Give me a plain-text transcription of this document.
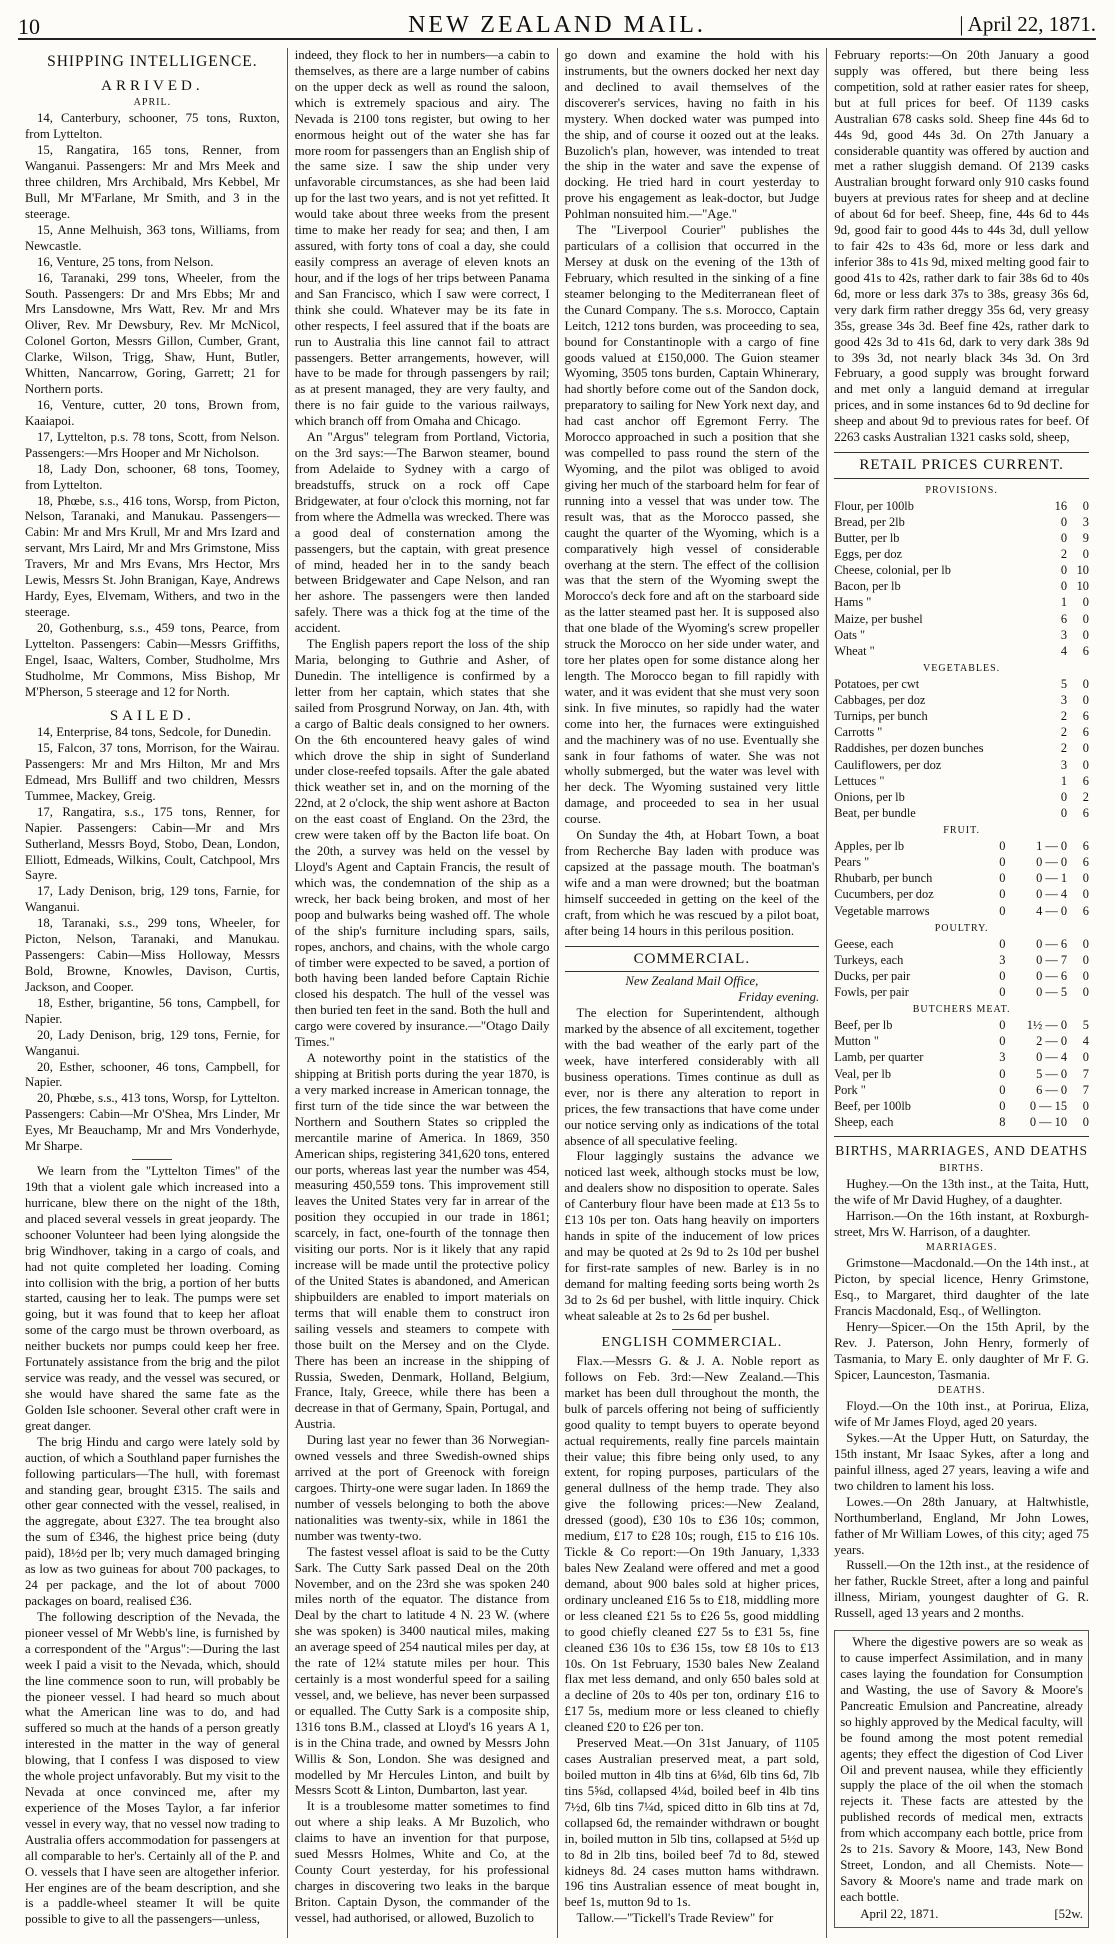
10	NEW ZEALAND MAIL.	| April 22, 1871.
SHIPPING INTELLIGENCE.
ARRIVED.
APRIL.

14, Canterbury, schooner, 75 tons, Ruxton, from Lyttelton.

15, Rangatira, 165 tons, Renner, from Wanganui. Passengers: Mr and Mrs Meek and three children, Mrs Archibald, Mrs Kebbel, Mr Bull, Mr M'Farlane, Mr Smith, and 3 in the steerage.

15, Anne Melhuish, 363 tons, Williams, from Newcastle.

16, Venture, 25 tons, from Nelson.

16, Taranaki, 299 tons, Wheeler, from the South. Passengers: Dr and Mrs Ebbs; Mr and Mrs Lansdowne, Mrs Watt, Rev. Mr and Mrs Oliver, Rev. Mr Dewsbury, Rev. Mr McNicol, Colonel Gorton, Messrs Gillon, Cumber, Grant, Clarke, Wilson, Trigg, Shaw, Hunt, Butler, Whitten, Nancarrow, Goring, Garrett; 21 for Northern ports.

16, Venture, cutter, 20 tons, Brown from, Kaaiapoi.

17, Lyttelton, p.s. 78 tons, Scott, from Nelson. Passengers:—Mrs Hooper and Mr Nicholson.

18, Lady Don, schooner, 68 tons, Toomey, from Lyttelton.

18, Phœbe, s.s., 416 tons, Worsp, from Picton, Nelson, Taranaki, and Manukau. Passengers—Cabin: Mr and Mrs Krull, Mr and Mrs Izard and servant, Mrs Laird, Mr and Mrs Grimstone, Miss Travers, Mr and Mrs Evans, Mrs Hector, Mrs Lewis, Messrs St. John Branigan, Kaye, Andrews Hardy, Eyes, Elvemam, Withers, and two in the steerage.

20, Gothenburg, s.s., 459 tons, Pearce, from Lyttelton. Passengers: Cabin—Messrs Griffiths, Engel, Isaac, Walters, Comber, Studholme, Mrs Studholme, Mr Commons, Miss Bishop, Mr M'Pherson, 5 steerage and 12 for North.

SAILED.

14, Enterprise, 84 tons, Sedcole, for Dunedin.

15, Falcon, 37 tons, Morrison, for the Wairau. Passengers: Mr and Mrs Hilton, Mr and Mrs Edmead, Mrs Bulliff and two children, Messrs Tummee, Mackey, Greig.

17, Rangatira, s.s., 175 tons, Renner, for Napier. Passengers: Cabin—Mr and Mrs Sutherland, Messrs Boyd, Stobo, Dean, London, Elliott, Edmeads, Wilkins, Coult, Catchpool, Mrs Sayre.

17, Lady Denison, brig, 129 tons, Farnie, for Wanganui.

18, Taranaki, s.s., 299 tons, Wheeler, for Picton, Nelson, Taranaki, and Manukau. Passengers: Cabin—Miss Holloway, Messrs Bold, Browne, Knowles, Davison, Curtis, Jackson, and Cooper.

18, Esther, brigantine, 56 tons, Campbell, for Napier.

20, Lady Denison, brig, 129 tons, Fernie, for Wanganui.

20, Esther, schooner, 46 tons, Campbell, for Napier.

20, Phœbe, s.s., 413 tons, Worsp, for Lyttelton. Passengers: Cabin—Mr O'Shea, Mrs Linder, Mr Eyes, Mr Beauchamp, Mr and Mrs Vonderhyde, Mr Sharpe.

We learn from the "Lyttelton Times" of the 19th that a violent gale which increased into a hurricane, blew there on the night of the 18th, and placed several vessels in great jeopardy. The schooner Volunteer had been lying alongside the brig Windhover, taking in a cargo of coals, and had not quite completed her loading. Coming into collision with the brig, a portion of her butts started, causing her to leak. The pumps were set going, but it was found that to keep her afloat some of the cargo must be thrown overboard, as neither buckets nor pumps could keep her free. Fortunately assistance from the brig and the pilot service was ready, and the vessel was secured, or she would have shared the same fate as the Golden Isle schooner. Several other craft were in great danger.

The brig Hindu and cargo were lately sold by auction, of which a Southland paper furnishes the following particulars—The hull, with foremast and standing gear, brought £315. The sails and other gear connected with the vessel, realised, in the aggregate, about £327. The tea brought also the sum of £346, the highest price being (duty paid), 18½d per lb; very much damaged bringing as low as two guineas for about 700 packages, to 24 per package, and the lot of about 7000 packages on board, realised £36.

The following description of the Nevada, the pioneer vessel of Mr Webb's line, is furnished by a correspondent of the "Argus":—During the last week I paid a visit to the Nevada, which, should the line commence soon to run, will probably be the pioneer vessel. I had heard so much about what the American line was to do, and had suffered so much at the hands of a person greatly interested in the matter in the way of general blowing, that I confess I was disposed to view the whole project unfavorably. But my visit to the Nevada at once convinced me, after my experience of the Moses Taylor, a far inferior vessel in every way, that no vessel now trading to Australia offers accommodation for passengers at all comparable to her's. Certainly all of the P. and O. vessels that I have seen are altogether inferior. Her engines are of the beam description, and she is a paddle-wheel steamer It will be quite possible to give to all the passengers—unless,

indeed, they flock to her in numbers—a cabin to themselves, as there are a large number of cabins on the upper deck as well as round the saloon, which is extremely spacious and airy. The Nevada is 2100 tons register, but owing to her enormous height out of the water she has far more room for passengers than an English ship of the same size. I saw the ship under very unfavorable circumstances, as she had been laid up for the last two years, and is not yet refitted. It would take about three weeks from the present time to make her ready for sea; and then, I am assured, with forty tons of coal a day, she could easily compress an average of eleven knots an hour, and if the logs of her trips between Panama and San Francisco, which I saw were correct, I think she could. Whatever may be its fate in other respects, I feel assured that if the boats are run to Australia this line cannot fail to attract passengers. Better arrangements, however, will have to be made for through passengers by rail; as at present managed, they are very faulty, and there is no fair guide to the various railways, which branch off from Omaha and Chicago.

An "Argus" telegram from Portland, Victoria, on the 3rd says:—The Barwon steamer, bound from Adelaide to Sydney with a cargo of breadstuffs, struck on a rock off Cape Bridgewater, at four o'clock this morning, not far from where the Admella was wrecked. There was a good deal of consternation among the passengers, but the captain, with great presence of mind, headed her in to the sandy beach between Bridgewater and Cape Nelson, and ran her ashore. The passengers were then landed safely. There was a thick fog at the time of the accident.

The English papers report the loss of the ship Maria, belonging to Guthrie and Asher, of Dunedin. The intelligence is confirmed by a letter from her captain, which states that she sailed from Prosgrund Norway, on Jan. 4th, with a cargo of Baltic deals consigned to her owners. On the 6th encountered heavy gales of wind which drove the ship in sight of Sunderland under close-reefed topsails. After the gale abated thick weather set in, and on the morning of the 22nd, at 2 o'clock, the ship went ashore at Bacton on the east coast of England. On the 23rd, the crew were taken off by the Bacton life boat. On the 20th, a survey was held on the vessel by Lloyd's Agent and Captain Francis, the result of which was, the condemnation of the ship as a wreck, her back being broken, and most of her poop and bulwarks being washed off. The whole of the ship's furniture including spars, sails, ropes, anchors, and chains, with the whole cargo of timber were expected to be saved, a portion of both having been landed before Captain Richie closed his despatch. The hull of the vessel was then buried ten feet in the sand. Both the hull and cargo were covered by insurance.—"Otago Daily Times."

A noteworthy point in the statistics of the shipping at British ports during the year 1870, is a very marked increase in American tonnage, the first turn of the tide since the war between the Northern and Southern States so crippled the mercantile marine of America. In 1869, 350 American ships, registering 341,620 tons, entered our ports, whereas last year the number was 454, measuring 450,559 tons. This improvement still leaves the United States very far in arrear of the position they occupied in our trade in 1861; scarcely, in fact, one-fourth of the tonnage then visiting our ports. Nor is it likely that any rapid increase will be made until the protective policy of the United States is abandoned, and American shipbuilders are enabled to import materials on terms that will enable them to construct iron sailing vessels and steamers to compete with those built on the Mersey and on the Clyde. There has been an increase in the shipping of Russia, Sweden, Denmark, Holland, Belgium, France, Italy, Greece, while there has been a decrease in that of Germany, Spain, Portugal, and Austria.

During last year no fewer than 36 Norwegian-owned vessels and three Swedish-owned ships arrived at the port of Greenock with foreign cargoes. Thirty-one were sugar laden. In 1869 the number of vessels belonging to both the above nationalities was twenty-six, while in 1861 the number was twenty-two.

The fastest vessel afloat is said to be the Cutty Sark. The Cutty Sark passed Deal on the 20th November, and on the 23rd she was spoken 240 miles north of the equator. The distance from Deal by the chart to latitude 4 N. 23 W. (where she was spoken) is 3400 nautical miles, making an average speed of 254 nautical miles per day, at the rate of 12¼ statute miles per hour. This certainly is a most wonderful speed for a sailing vessel, and, we believe, has never been surpassed or equalled. The Cutty Sark is a composite ship, 1316 tons B.M., classed at Lloyd's 16 years A 1, is in the China trade, and owned by Messrs John Willis & Son, London. She was designed and modelled by Mr Hercules Linton, and built by Messrs Scott & Linton, Dumbarton, last year.

It is a troublesome matter sometimes to find out where a ship leaks. A Mr Buzolich, who claims to have an invention for that purpose, sued Messrs Holmes, White and Co, at the County Court yesterday, for his professional charges in discovering two leaks in the barque Briton. Captain Dyson, the commander of the vessel, had authorised, or allowed, Buzolich to

go down and examine the hold with his instruments, but the owners docked her next day and declined to avail themselves of the discoverer's services, having no faith in his mystery. When docked water was pumped into the ship, and of course it oozed out at the leaks. Buzolich's plan, however, was intended to treat the ship in the water and save the expense of docking. He tried hard in court yesterday to prove his engagement as leak-doctor, but Judge Pohlman nonsuited him.—"Age."

The "Liverpool Courier" publishes the particulars of a collision that occurred in the Mersey at dusk on the evening of the 13th of February, which resulted in the sinking of a fine steamer belonging to the Mediterranean fleet of the Cunard Company. The s.s. Morocco, Captain Leitch, 1212 tons burden, was proceeding to sea, bound for Constantinople with a cargo of fine goods valued at £150,000. The Guion steamer Wyoming, 3505 tons burden, Captain Whinerary, had shortly before come out of the Sandon dock, preparatory to sailing for New York next day, and had cast anchor off Egremont Ferry. The Morocco approached in such a position that she was compelled to pass round the stern of the Wyoming, and the pilot was obliged to avoid giving her much of the starboard helm for fear of running into a vessel that was under tow. The result was, that as the Morocco passed, she caught the quarter of the Wyoming, which is a comparatively high vessel of considerable overhang at the stern. The effect of the collision was that the stern of the Wyoming swept the Morocco's deck fore and aft on the starboard side as the latter steamed past her. It is supposed also that one blade of the Wyoming's screw propeller struck the Morocco on her side under water, and tore her plates open for some distance along her length. The Morocco began to fill rapidly with water, and it was evident that she must very soon sink. In five minutes, so rapidly had the water come into her, the furnaces were extinguished and the machinery was of no use. Eventually she sank in four fathoms of water. She was not wholly submerged, but the water was level with her deck. The Wyoming sustained very little damage, and proceeded to sea in her usual course.

On Sunday the 4th, at Hobart Town, a boat from Recherche Bay laden with produce was capsized at the passage mouth. The boatman's wife and a man were drowned; but the boatman himself succeeded in getting on the keel of the craft, from which he was rescued by a pilot boat, after being 14 hours in this perilous position.

COMMERCIAL.
New Zealand Mail Office,
Friday evening.

The election for Superintendent, although marked by the absence of all excitement, together with the bad weather of the early part of the week, have interfered considerably with all business operations. Times continue as dull as ever, nor is there any alteration to report in prices, the few transactions that have come under our notice serving only as indications of the total absence of all speculative feeling.

Flour laggingly sustains the advance we noticed last week, although stocks must be low, and dealers show no disposition to operate. Sales of Canterbury flour have been made at £13 5s to £13 10s per ton. Oats hang heavily on importers hands in spite of the inducement of low prices and may be quoted at 2s 9d to 2s 10d per bushel for first-rate samples of new. Barley is in no demand for malting feeding sorts being worth 2s 3d to 2s 6d per bushel, with little inquiry. Chick wheat saleable at 2s to 2s 6d per bushel.

ENGLISH COMMERCIAL.

Flax.—Messrs G. & J. A. Noble report as follows on Feb. 3rd:—New Zealand.—This market has been dull throughout the month, the bulk of parcels offering not being of sufficiently good quality to tempt buyers to operate beyond actual requirements, really fine parcels maintain their value; this fibre being only used, to any extent, for roping purposes, particulars of the general dullness of the hemp trade. They also give the following prices:—New Zealand, dressed (good), £30 10s to £36 10s; common, medium, £17 to £28 10s; rough, £15 to £16 10s. Tickle & Co report:—On 19th January, 1,333 bales New Zealand were offered and met a good demand, about 900 bales sold at higher prices, ordinary uncleaned £16 5s to £18, middling more or less cleaned £21 5s to £26 5s, good middling to good chiefly cleaned £27 5s to £31 5s, fine cleaned £36 10s to £36 15s, tow £8 10s to £13 10s. On 1st February, 1530 bales New Zealand flax met less demand, and only 650 bales sold at a decline of 20s to 40s per ton, ordinary £16 to £17 5s, medium more or less cleaned to chiefly cleaned £20 to £26 per ton.

Preserved Meat.—On 31st January, of 1105 cases Australian preserved meat, a part sold, boiled mutton in 4lb tins at 6⅛d, 6lb tins 6d, 7lb tins 5⅝d, collapsed 4¼d, boiled beef in 4lb tins 7½d, 6lb tins 7¼d, spiced ditto in 6lb tins at 7d, collapsed 6d, the remainder withdrawn or bought in, boiled mutton in 5lb tins, collapsed at 5½d up to 8d in 2lb tins, boiled beef 7d to 8d, stewed kidneys 8d. 24 cases mutton hams withdrawn. 196 tins Australian essence of meat bought in, beef 1s, mutton 9d to 1s.

Tallow.—"Tickell's Trade Review" for

February reports:—On 20th January a good supply was offered, but there being less competition, sold at rather easier rates for sheep, but at full prices for beef. Of 1139 casks Australian 678 casks sold. Sheep fine 44s 6d to 44s 9d, good 44s 3d. On 27th January a considerable quantity was offered by auction and met a rather sluggish demand. Of 2139 casks Australian brought forward only 910 casks found buyers at previous rates for sheep and at decline of about 6d for beef. Sheep, fine, 44s 6d to 44s 9d, good fair to good 44s to 44s 3d, dull yellow to fair 42s to 43s 6d, more or less dark and inferior 38s to 41s 9d, mixed melting good fair to good 41s to 42s, rather dark to fair 38s 6d to 40s 6d, more or less dark 37s to 38s, greasy 36s 6d, very dark firm rather dreggy 35s 6d, very greasy 35s, grease 34s 3d. Beef fine 42s, rather dark to good 42s 3d to 41s 6d, dark to very dark 38s 9d to 39s 3d, not nearly black 34s 3d. On 3rd February, a good supply was brought forward and met only a languid demand at irregular prices, and in some instances 6d to 9d decline for sheep and about 9d to previous rates for beef. Of 2263 casks Australian 1321 casks sold, sheep,

RETAIL PRICES CURRENT.
PROVISIONS.			
Flour, per 100lb		16	0
Bread, per 2lb		0	3
Butter, per lb		0	9
Eggs, per doz		2	0
Cheese, colonial, per lb		0	10
Bacon, per lb		0	10
Hams "		1	0
Maize, per bushel		6	0
Oats "		3	0
Wheat "		4	6
VEGETABLES.			
Potatoes, per cwt		5	0
Cabbages, per doz		3	0
Turnips, per bunch		2	6
Carrotts "		2	6
Raddishes, per dozen bunches		2	0
Cauliflowers, per doz		3	0
Lettuces "		1	6
Onions, per lb		0	2
Beat, per bundle		0	6
FRUIT.			
Apples, per lb	0	1 — 0	6
Pears "	0	0 — 0	6
Rhubarb, per bunch	0	0 — 1	0
Cucumbers, per doz	0	0 — 4	0
Vegetable marrows	0	4 — 0	6
POULTRY.			
Geese, each	0	0 — 6	0
Turkeys, each	3	0 — 7	0
Ducks, per pair	0	0 — 6	0
Fowls, per pair	0	0 — 5	0
BUTCHERS MEAT.			
Beef, per lb	0	1½ — 0	5
Mutton "	0	2 — 0	4
Lamb, per quarter	3	0 — 4	0
Veal, per lb	0	5 — 0	7
Pork "	0	6 — 0	7
Beef, per 100lb	0	0 — 15	0
Sheep, each	8	0 — 10	0
BIRTHS, MARRIAGES, AND DEATHS
BIRTHS.

Hughey.—On the 13th inst., at the Taita, Hutt, the wife of Mr David Hughey, of a daughter.

Harrison.—On the 16th instant, at Roxburgh-street, Mrs W. Harrison, of a daughter.

MARRIAGES.

Grimstone—Macdonald.—On the 14th inst., at Picton, by special licence, Henry Grimstone, Esq., to Margaret, third daughter of the late Francis Macdonald, Esq., of Wellington.

Henry—Spicer.—On the 15th April, by the Rev. J. Paterson, John Henry, formerly of Tasmania, to Mary E. only daughter of Mr F. G. Spicer, Launceston, Tasmania.

DEATHS.

Floyd.—On the 10th inst., at Porirua, Eliza, wife of Mr James Floyd, aged 20 years.

Sykes.—At the Upper Hutt, on Saturday, the 15th instant, Mr Isaac Sykes, after a long and painful illness, aged 27 years, leaving a wife and two children to lament his loss.

Lowes.—On 28th January, at Haltwhistle, Northumberland, England, Mr John Lowes, father of Mr William Lowes, of this city; aged 75 years.

Russell.—On the 12th inst., at the residence of her father, Ruckle Street, after a long and painful illness, Miriam, youngest daughter of G. R. Russell, aged 13 years and 2 months.

Where the digestive powers are so weak as to cause imperfect Assimilation, and in many cases laying the foundation for Consumption and Wasting, the use of Savory & Moore's Pancreatic Emulsion and Pancreatine, already so highly approved by the Medical faculty, will be found among the most potent remedial agents; they effect the digestion of Cod Liver Oil and prevent nausea, while they efficiently supply the place of the oil when the stomach rejects it. These facts are attested by the published records of medical men, extracts from which accompany each bottle, price from 2s to 21s. Savory & Moore, 143, New Bond Street, London, and all Chemists. Note—Savory & Moore's name and trade mark on each bottle.

April 22, 1871.	[52w.
